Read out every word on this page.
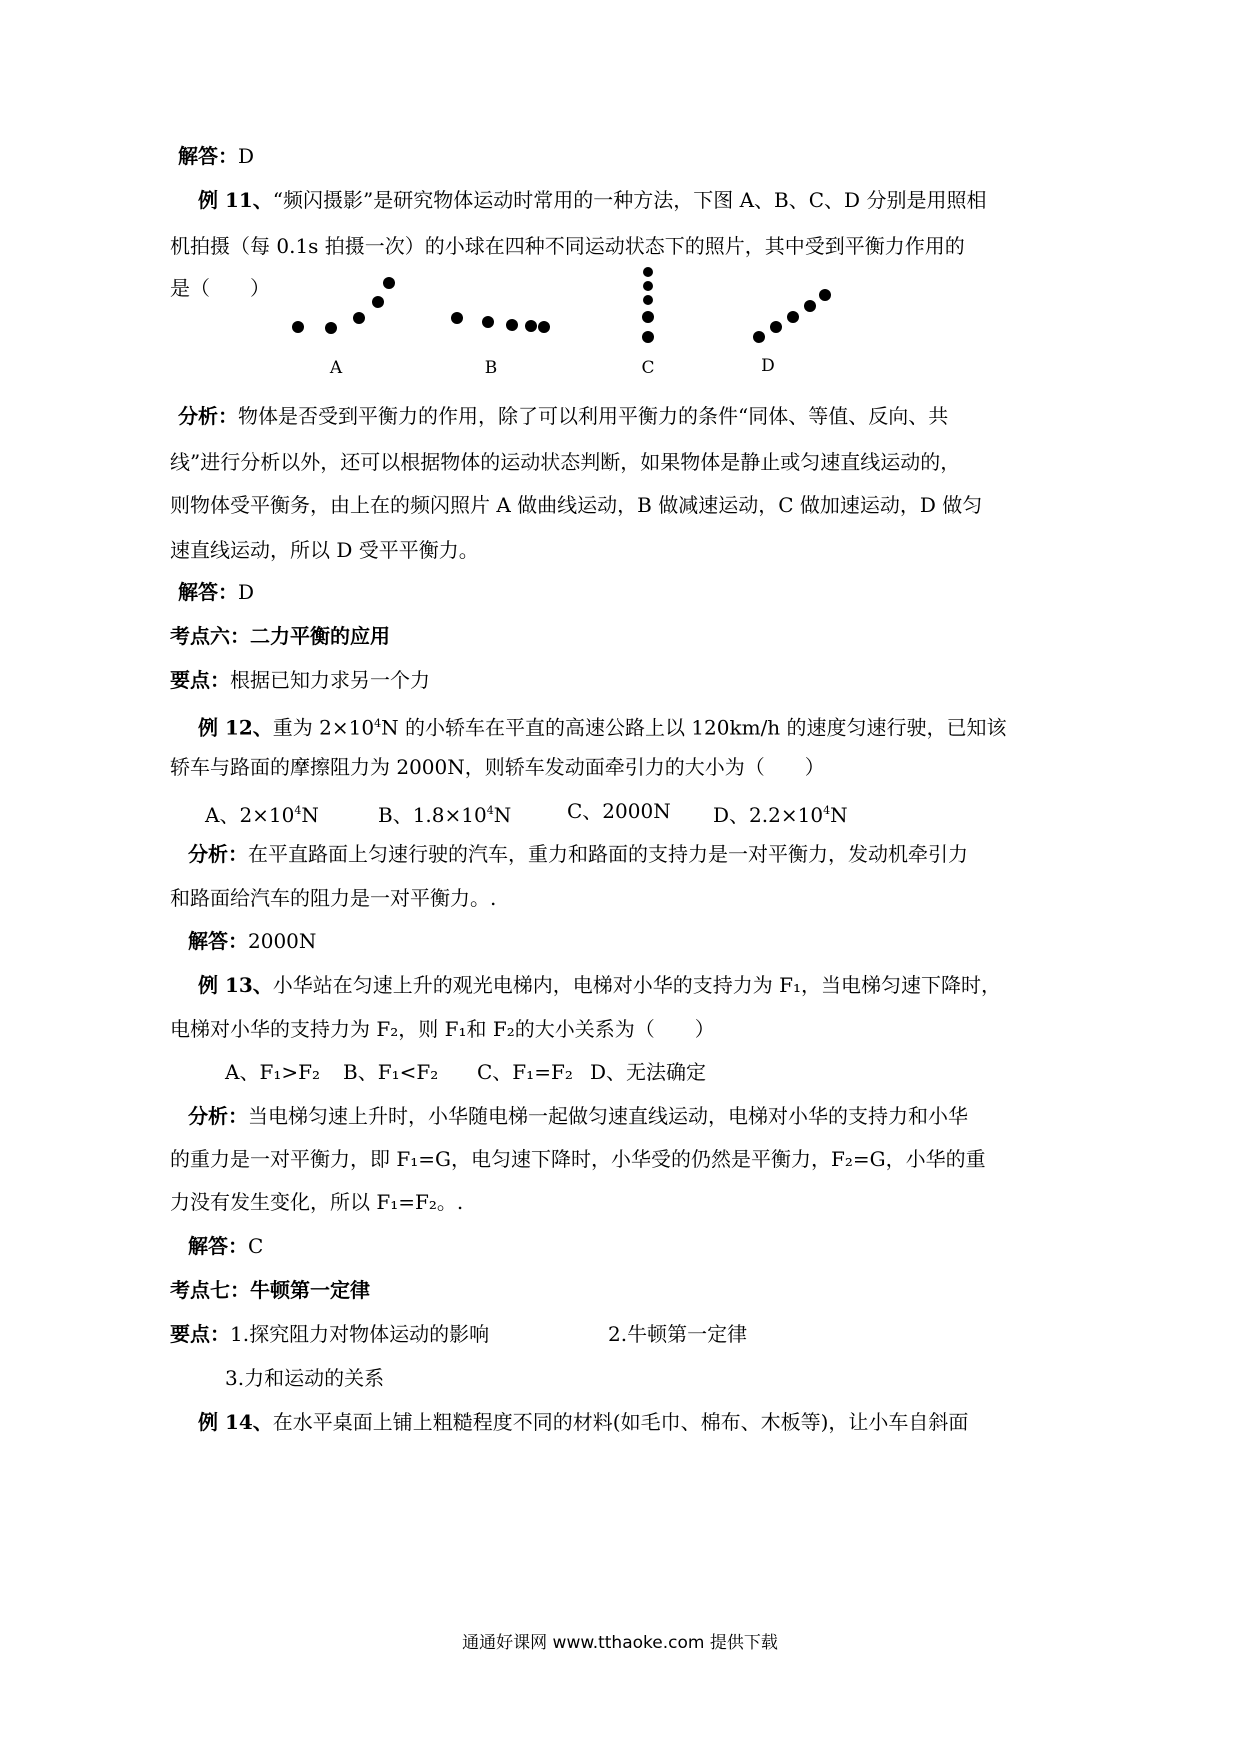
解答：D
例 11、“频闪摄影”是研究物体运动时常用的一种方法，下图 A、B、C、D 分别是用照相
机拍摄（每 0.1s 拍摄一次）的小球在四种不同运动状态下的照片，其中受到平衡力作用的
是（　　）
A	B	C	D
分析：物体是否受到平衡力的作用，除了可以利用平衡力的条件“同体、等值、反向、共
线”进行分析以外，还可以根据物体的运动状态判断，如果物体是静止或匀速直线运动的，
则物体受平衡务，由上在的频闪照片 A 做曲线运动，B 做减速运动，C 做加速运动，D 做匀
速直线运动，所以 D 受平平衡力。
解答：D
考点六：二力平衡的应用
要点：根据已知力求另一个力
例 12、重为 $2\times 10^4N$ 的小轿车在平直的高速公路上以 120km/h 的速度匀速行驶，已知该
轿车与路面的摩擦阻力为 2000N，则轿车发动面牵引力的大小为（　　）
A、$2\times 10^4N$	B、$1.8\times 10^4N$	C、2000N D、$2.2\times 10^4N$
分析：在平直路面上匀速行驶的汽车，重力和路面的支持力是一对平衡力，发动机牵引力
和路面给汽车的阻力是一对平衡力。.
解答：2000N
例 13、小华站在匀速上升的观光电梯内，电梯对小华的支持力为 F₁，当电梯匀速下降时，
电梯对小华的支持力为 F₂，则 F₁和 F₂的大小关系为（　　）
A、F₁>F₂ B、F₁<F₂ C、F₁=F₂ D、无法确定
分析：当电梯匀速上升时，小华随电梯一起做匀速直线运动，电梯对小华的支持力和小华
的重力是一对平衡力，即 F₁=G，电匀速下降时，小华受的仍然是平衡力，F₂=G，小华的重
力没有发生变化，所以 F₁=F₂。.
解答：C
考点七：牛顿第一定律
要点：1.探究阻力对物体运动的影响	2.牛顿第一定律
3.力和运动的关系
例 14、在水平桌面上铺上粗糙程度不同的材料(如毛巾、棉布、木板等)，让小车自斜面
通通好课网 www.tthaoke.com 提供下载
